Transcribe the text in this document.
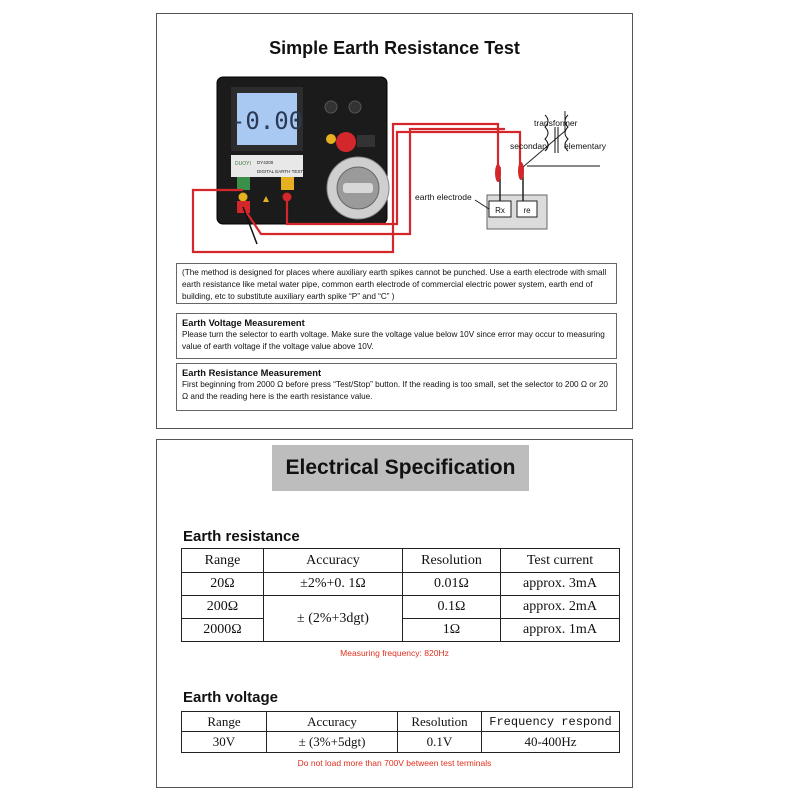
Simple Earth Resistance Test
-0.00
DUOYI DY4200
DIGITAL EARTH TESTER
Rx re
transformer
secondary elementary
earth electrode
(The method is designed for places where auxiliary earth spikes cannot be punched. Use a earth electrode with small earth resistance like metal water pipe, common earth electrode of commercial electric power system, earth end of building, etc to substitute auxiliary earth spike “P” and “C” )
Earth Voltage Measurement
Please turn the selector to earth voltage. Make sure the voltage value below 10V since error may occur to measuring value of earth voltage if the voltage value above 10V.
Earth Resistance Measurement
First beginning from 2000 Ω before press “Test/Stop” button. If the reading is too small, set the selector to 200 Ω or 20 Ω and the reading here is the earth resistance value.
Electrical Specification
Earth resistance
Range	Accuracy	Resolution	Test current
20Ω	±2%+0. 1Ω	0.01Ω	approx. 3mA
200Ω	± (2%+3dgt)	0.1Ω	approx. 2mA
2000Ω		1Ω	approx. 1mA
Measuring frequency: 820Hz
Earth voltage
Range	Accuracy	Resolution	Frequency respond
30V	± (3%+5dgt)	0.1V	40-400Hz
Do not load more than 700V between test terminals
